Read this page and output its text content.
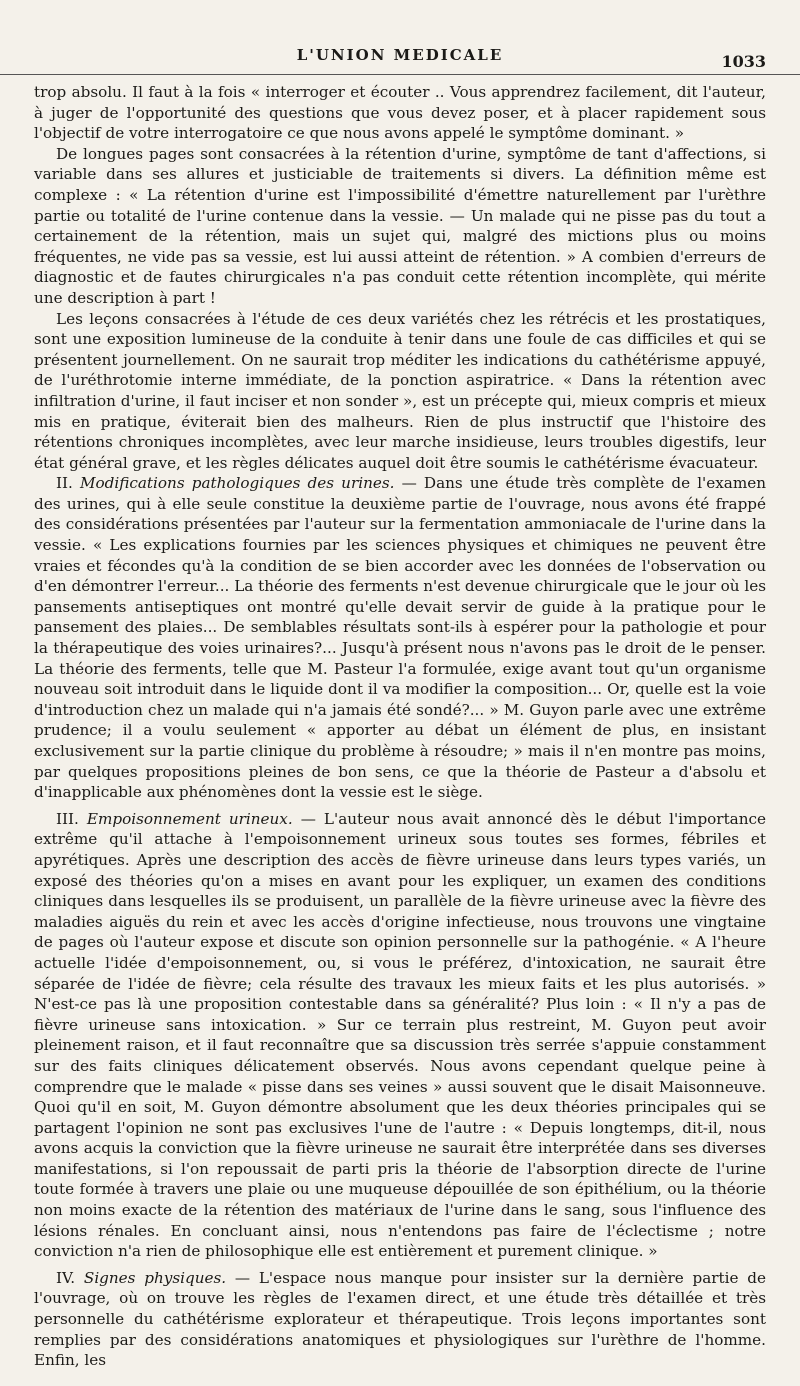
L'UNION MEDICALE	1033

trop absolu. Il faut à la fois « interroger et écouter .. Vous apprendrez facilement, dit l'auteur, à juger de l'opportunité des questions que vous devez poser, et à placer rapidement sous l'objectif de votre interrogatoire ce que nous avons appelé le symptôme dominant. »

De longues pages sont consacrées à la rétention d'urine, symptôme de tant d'affections, si variable dans ses allures et justiciable de traitements si divers. La définition même est complexe : « La rétention d'urine est l'impossibilité d'émettre naturellement par l'urèthre partie ou totalité de l'urine contenue dans la vessie. — Un malade qui ne pisse pas du tout a certainement de la rétention, mais un sujet qui, malgré des mictions plus ou moins fréquentes, ne vide pas sa vessie, est lui aussi atteint de rétention. » A combien d'erreurs de diagnostic et de fautes chirurgicales n'a pas conduit cette rétention incomplète, qui mérite une description à part !

Les leçons consacrées à l'étude de ces deux variétés chez les rétrécis et les prostatiques, sont une exposition lumineuse de la conduite à tenir dans une foule de cas difficiles et qui se présentent journellement. On ne saurait trop méditer les indications du cathétérisme appuyé, de l'uréthrotomie interne immédiate, de la ponction aspiratrice. « Dans la rétention avec infiltration d'urine, il faut inciser et non sonder », est un précepte qui, mieux compris et mieux mis en pratique, éviterait bien des malheurs. Rien de plus instructif que l'histoire des rétentions chroniques incomplètes, avec leur marche insidieuse, leurs troubles digestifs, leur état général grave, et les règles délicates auquel doit être soumis le cathétérisme évacuateur.

II. Modifications pathologiques des urines. — Dans une étude très complète de l'examen des urines, qui à elle seule constitue la deuxième partie de l'ouvrage, nous avons été frappé des considérations présentées par l'auteur sur la fermentation ammoniacale de l'urine dans la vessie. « Les explications fournies par les sciences physiques et chimiques ne peuvent être vraies et fécondes qu'à la condition de se bien accorder avec les données de l'observation ou d'en démontrer l'erreur... La théorie des ferments n'est devenue chirurgicale que le jour où les pansements antiseptiques ont montré qu'elle devait servir de guide à la pratique pour le pansement des plaies... De semblables résultats sont-ils à espérer pour la pathologie et pour la thérapeutique des voies urinaires?... Jusqu'à présent nous n'avons pas le droit de le penser. La théorie des ferments, telle que M. Pasteur l'a formulée, exige avant tout qu'un organisme nouveau soit introduit dans le liquide dont il va modifier la composition... Or, quelle est la voie d'introduction chez un malade qui n'a jamais été sondé?... » M. Guyon parle avec une extrême prudence; il a voulu seulement « apporter au débat un élément de plus, en insistant exclusivement sur la partie clinique du problème à résoudre; » mais il n'en montre pas moins, par quelques propositions pleines de bon sens, ce que la théorie de Pasteur a d'absolu et d'inapplicable aux phénomènes dont la vessie est le siège.

III. Empoisonnement urineux. — L'auteur nous avait annoncé dès le début l'importance extrême qu'il attache à l'empoisonnement urineux sous toutes ses formes, fébriles et apyrétiques. Après une description des accès de fièvre urineuse dans leurs types variés, un exposé des théories qu'on a mises en avant pour les expliquer, un examen des conditions cliniques dans lesquelles ils se produisent, un parallèle de la fièvre urineuse avec la fièvre des maladies aiguës du rein et avec les accès d'origine infectieuse, nous trouvons une vingtaine de pages où l'auteur expose et discute son opinion personnelle sur la pathogénie. « A l'heure actuelle l'idée d'empoisonnement, ou, si vous le préférez, d'intoxication, ne saurait être séparée de l'idée de fièvre; cela résulte des travaux les mieux faits et les plus autorisés. » N'est-ce pas là une proposition contestable dans sa généralité? Plus loin : « Il n'y a pas de fièvre urineuse sans intoxication. » Sur ce terrain plus restreint, M. Guyon peut avoir pleinement raison, et il faut reconnaître que sa discussion très serrée s'appuie constamment sur des faits cliniques délicatement observés. Nous avons cependant quelque peine à comprendre que le malade « pisse dans ses veines » aussi souvent que le disait Maisonneuve. Quoi qu'il en soit, M. Guyon démontre absolument que les deux théories principales qui se partagent l'opinion ne sont pas exclusives l'une de l'autre : « Depuis longtemps, dit-il, nous avons acquis la conviction que la fièvre urineuse ne saurait être interprétée dans ses diverses manifestations, si l'on repoussait de parti pris la théorie de l'absorption directe de l'urine toute formée à travers une plaie ou une muqueuse dépouillée de son épithélium, ou la théorie non moins exacte de la rétention des matériaux de l'urine dans le sang, sous l'influence des lésions rénales. En concluant ainsi, nous n'entendons pas faire de l'éclectisme ; notre conviction n'a rien de philosophique elle est entièrement et purement clinique. »

IV. Signes physiques. — L'espace nous manque pour insister sur la dernière partie de l'ouvrage, où on trouve les règles de l'examen direct, et une étude très détaillée et très personnelle du cathétérisme explorateur et thérapeutique. Trois leçons importantes sont remplies par des considérations anatomiques et physiologiques sur l'urèthre de l'homme. Enfin, les
